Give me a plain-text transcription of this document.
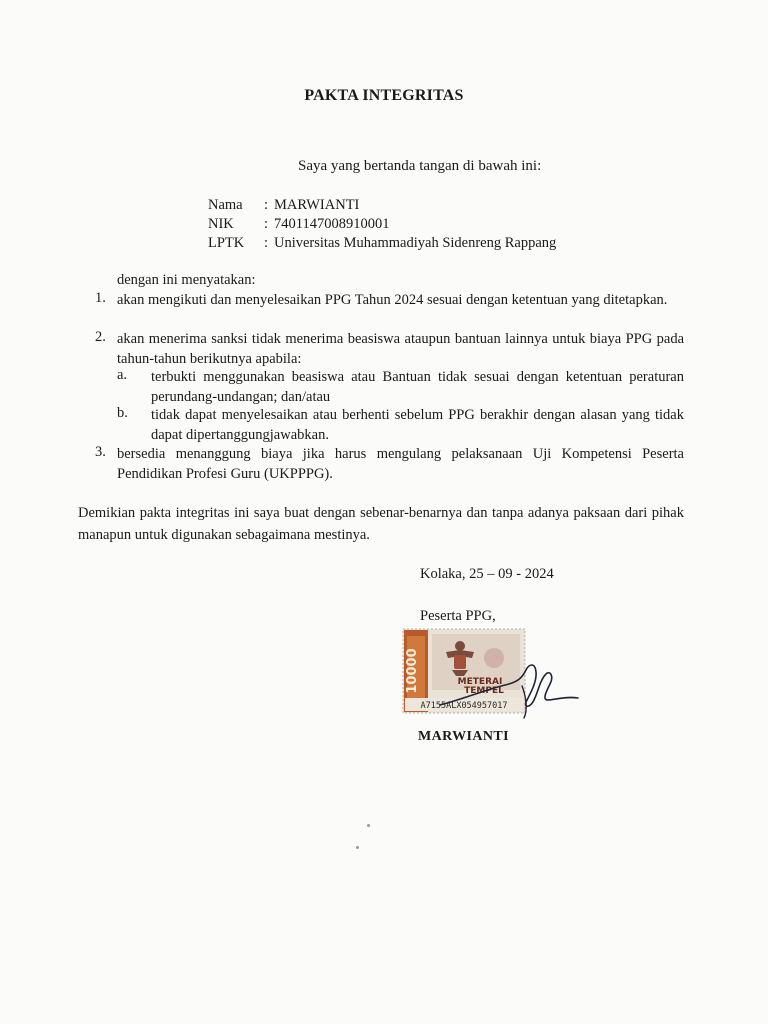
PAKTA INTEGRITAS
Saya yang bertanda tangan di bawah ini:
Nama : MARWIANTI
NIK : 7401147008910001
LPTK : Universitas Muhammadiyah Sidenreng Rappang
dengan ini menyatakan:
1. akan mengikuti dan menyelesaikan PPG Tahun 2024 sesuai dengan ketentuan yang ditetapkan.
2. akan menerima sanksi tidak menerima beasiswa ataupun bantuan lainnya untuk biaya PPG pada tahun-tahun berikutnya apabila:
a. terbukti menggunakan beasiswa atau Bantuan tidak sesuai dengan ketentuan peraturan perundang-undangan; dan/atau
b. tidak dapat menyelesaikan atau berhenti sebelum PPG berakhir dengan alasan yang tidak dapat dipertanggungjawabkan.
3. bersedia menanggung biaya jika harus mengulang pelaksanaan Uji Kompetensi Peserta Pendidikan Profesi Guru (UKPPPG).
Demikian pakta integritas ini saya buat dengan sebenar-benarnya dan tanpa adanya paksaan dari pihak manapun untuk digunakan sebagaimana mestinya.
Kolaka, 25 – 09 - 2024
Peserta PPG,
10000	METERAI
TEMPEL
A7155ALX054957017
MARWIANTI
